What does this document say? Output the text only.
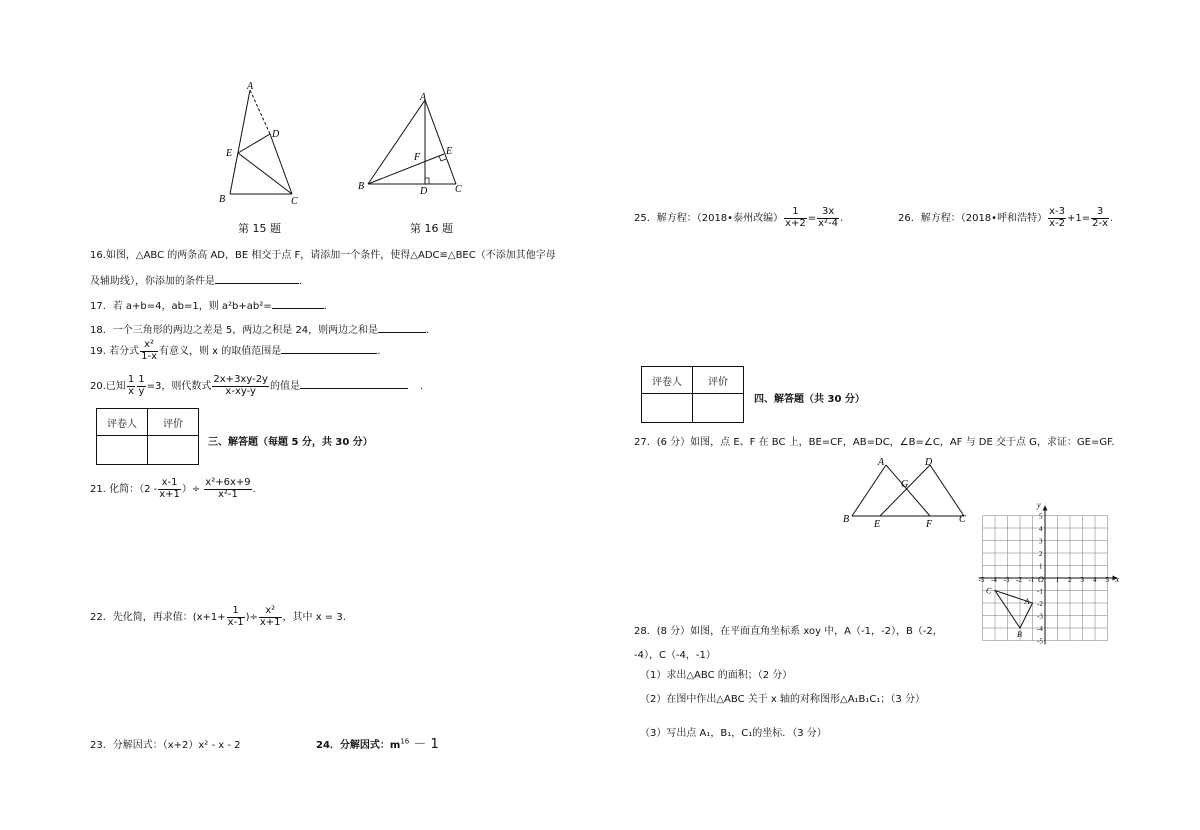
A
D
E
B	C
第 15 题
A
E
F
B	D	C
第 16 题
16.如图，△ABC 的两条高 AD，BE 相交于点 F，请添加一个条件，使得△ADC≌△BEC（不添加其他字母
及辅助线），你添加的条件是	.
17．若 a+b=4，ab=1，则 a²b+ab²=	.
18．一个三角形的两边之差是 5，两边之积是 24，则两边之和是	.
19. 若分式 $\frac{\text{x²}}{1-x}$ 有意义，则 x 的取值范围是	.
20.已知 $\frac{1}{x} \frac{1}{y} =3$，则代数式 $\frac{2x+3xy-2y}{x-xy-y}$ 的值是	.
评卷人	评价

三、解答题（每题 5 分，共 30 分）
21. 化简：（$2 - \frac{x-1}{x+1}$ ）÷ $\frac{\text{x²+6x+9}}{\text{x²-1}}$ .
22．先化简，再求值：($x+1+ \frac{1}{x-1}$ )÷ $\frac{\text{x²}}{x+1}$ ，其中 x = 3.
23．分解因式：（x+2）x² - x - 2	24．分解因式：$m^{16} - 1$
25．解方程：（2018•泰州改编） $\frac{1}{x+2} = \frac{3x}{\text{x²-4}}$ .	26．解方程：（2018•呼和浩特） $\frac{x-3}{x-2} +1= \frac{3}{2-x}$ .
评卷人	评价

四、解答题（共 30 分）
27．(6 分）如图，点 E、F 在 BC 上，BE=CF，AB=DC，∠B=∠C，AF 与 DE 交于点 G，求证：GE=GF.
A	D
G
B E	F	C
x
y
O
-5 -4 -3 -2 -1	1 2 3 4 5
5
4
3
2
1
-1
-2
-3
-4
-5
A
B
C
28．(8 分）如图，在平面直角坐标系 xoy 中，A（-1，-2），B（-2，
-4），C（-4，-1）
（1）求出△ABC 的面积；（2 分）
（2）在图中作出△ABC 关于 x 轴的对称图形△A₁B₁C₁；（3 分）
（3）写出点 A₁，B₁，C₁的坐标．（3 分）
